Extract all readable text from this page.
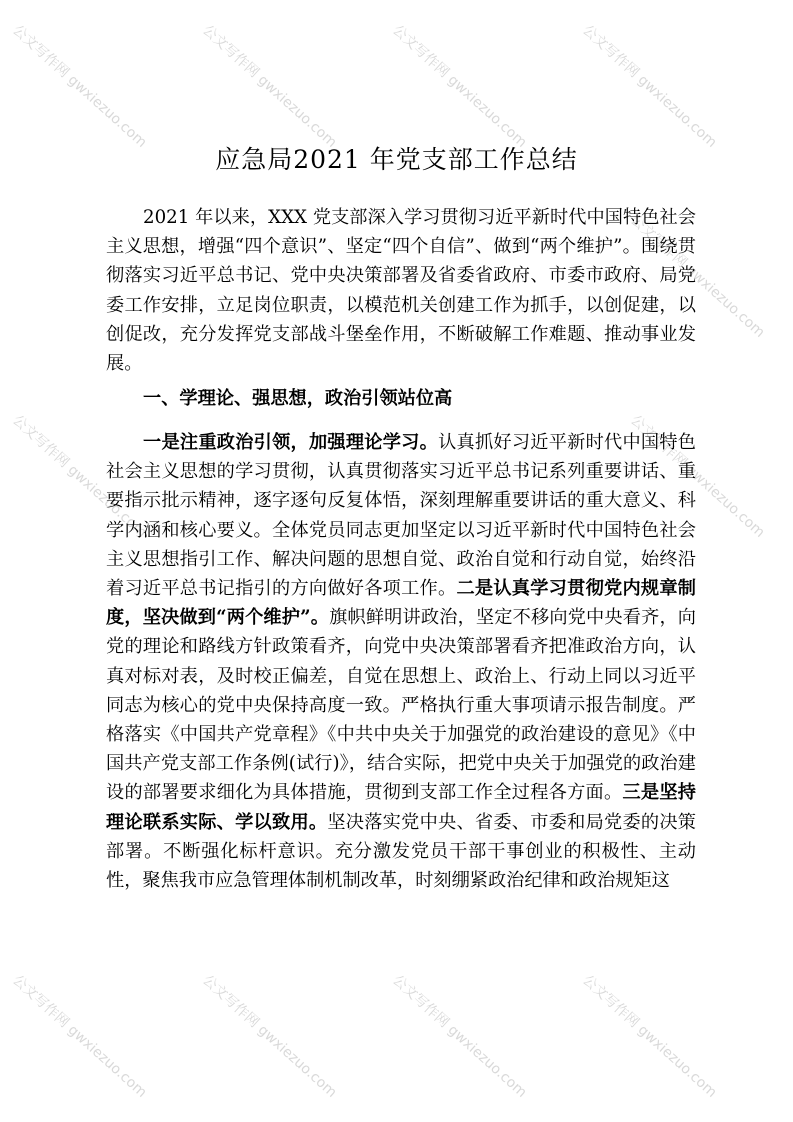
公文写作网 gwxiezuo.com	公文写作网 gwxiezuo.com	公文写作网 gwxiezuo.com	公文写作网 gwxiezuo.com
公文写作网 gwxiezuo.com
公文写作网 gwxiezuo.com	公文写作网 gwxiezuo.com
公文写作网 gwxiezuo.com	公文写作网 gwxiezuo.com	公文写作网 gwxiezuo.com	公文写作网 gwxiezuo.com
应急局2021 年党支部工作总结

2021 年以来，XXX 党支部深入学习贯彻习近平新时代中国特色社会主义思想，增强“四个意识”、坚定“四个自信”、做到“两个维护”。围绕贯彻落实习近平总书记、党中央决策部署及省委省政府、市委市政府、局党委工作安排，立足岗位职责，以模范机关创建工作为抓手，以创促建，以创促改，充分发挥党支部战斗堡垒作用，不断破解工作难题、推动事业发展。

一、学理论、强思想，政治引领站位高

一是注重政治引领，加强理论学习。认真抓好习近平新时代中国特色社会主义思想的学习贯彻，认真贯彻落实习近平总书记系列重要讲话、重要指示批示精神，逐字逐句反复体悟，深刻理解重要讲话的重大意义、科学内涵和核心要义。全体党员同志更加坚定以习近平新时代中国特色社会主义思想指引工作、解决问题的思想自觉、政治自觉和行动自觉，始终沿着习近平总书记指引的方向做好各项工作。二是认真学习贯彻党内规章制度，坚决做到“两个维护”。旗帜鲜明讲政治，坚定不移向党中央看齐，向党的理论和路线方针政策看齐，向党中央决策部署看齐把准政治方向，认真对标对表，及时校正偏差，自觉在思想上、政治上、行动上同以习近平同志为核心的党中央保持高度一致。严格执行重大事项请示报告制度。严格落实《中国共产党章程》《中共中央关于加强党的政治建设的意见》《中国共产党支部工作条例(试行)》，结合实际，把党中央关于加强党的政治建设的部署要求细化为具体措施，贯彻到支部工作全过程各方面。三是坚持理论联系实际、学以致用。坚决落实党中央、省委、市委和局党委的决策部署。不断强化标杆意识。充分激发党员干部干事创业的积极性、主动性，聚焦我市应急管理体制机制改革，时刻绷紧政治纪律和政治规矩这
